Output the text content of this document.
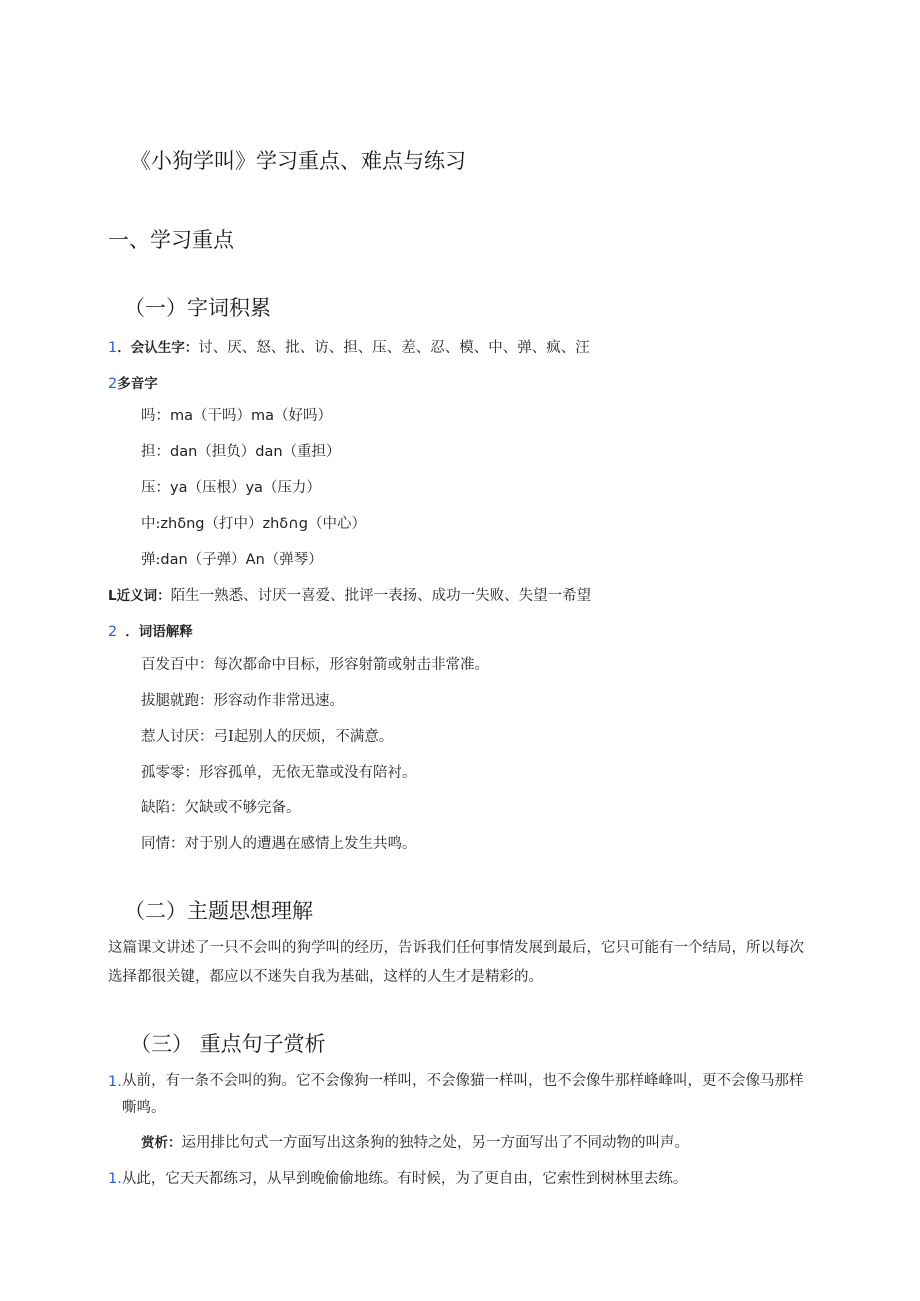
《小狗学叫》学习重点、难点与练习
一、学习重点
（一）字词积累
1．会认生字：讨、厌、怒、批、访、担、压、差、忍、模、中、弹、疯、汪
2多音字
吗：ma（干吗）ma（好吗）
担：dan（担负）dan（重担）
压：ya（压根）ya（压力）
中:zhδng（打中）zhδ∩g（中心）
弹:dan（子弹）An（弹琴）
L近义词：陌生一熟悉、讨厌一喜爱、批评一表扬、成功一失败、失望一希望
2 ．词语解释
百发百中：每次都命中目标，形容射箭或射击非常准。
拔腿就跑：形容动作非常迅速。
惹人讨厌：弓I起别人的厌烦，不满意。
孤零零：形容孤单，无依无靠或没有陪衬。
缺陷：欠缺或不够完备。
同情：对于别人的遭遇在感情上发生共鸣。
（二）主题思想理解
这篇课文讲述了一只不会叫的狗学叫的经历，告诉我们任何事情发展到最后，它只可能有一个结局，所以每次选择都很关键，都应以不迷失自我为基础，这样的人生才是精彩的。
（三） 重点句子赏析
1. 从前，有一条不会叫的狗。它不会像狗一样叫，不会像猫一样叫，也不会像牛那样峰峰叫，更不会像马那样嘶鸣。
赏析：运用排比句式一方面写出这条狗的独特之处，另一方面写出了不同动物的叫声。
1.从此，它天天都练习，从早到晚偷偷地练。有时候，为了更自由，它索性到树林里去练。
